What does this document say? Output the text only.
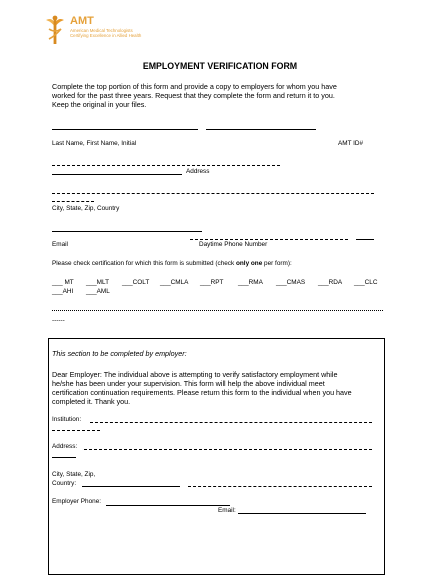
AMT
American Medical Technologists
Certifying Excellence in Allied Health
EMPLOYMENT VERIFICATION FORM
Complete the top portion of this form and provide a copy to employers for whom you have
worked for the past three years. Request that they complete the form and return it to you.
Keep the original in your files.
Last Name, First Name, Initial	AMT ID#
Address
City, State, Zip, Country
Email	Daytime Phone Number
Please check certification for which this form is submitted (check only one per form):
___ MT ___MLT ___COLT ___CMLA ___RPT ___RMA ___CMAS ___RDA ___CLC
___AHI ___AML
------
This section to be completed by employer:
Dear Employer: The individual above is attempting to verify satisfactory employment while
he/she has been under your supervision. This form will help the above individual meet
certification continuation requirements. Please return this form to the individual when you have
completed it. Thank you.
Institution:
Address:
City, State, Zip,
Country:
Employer Phone:
Email:
